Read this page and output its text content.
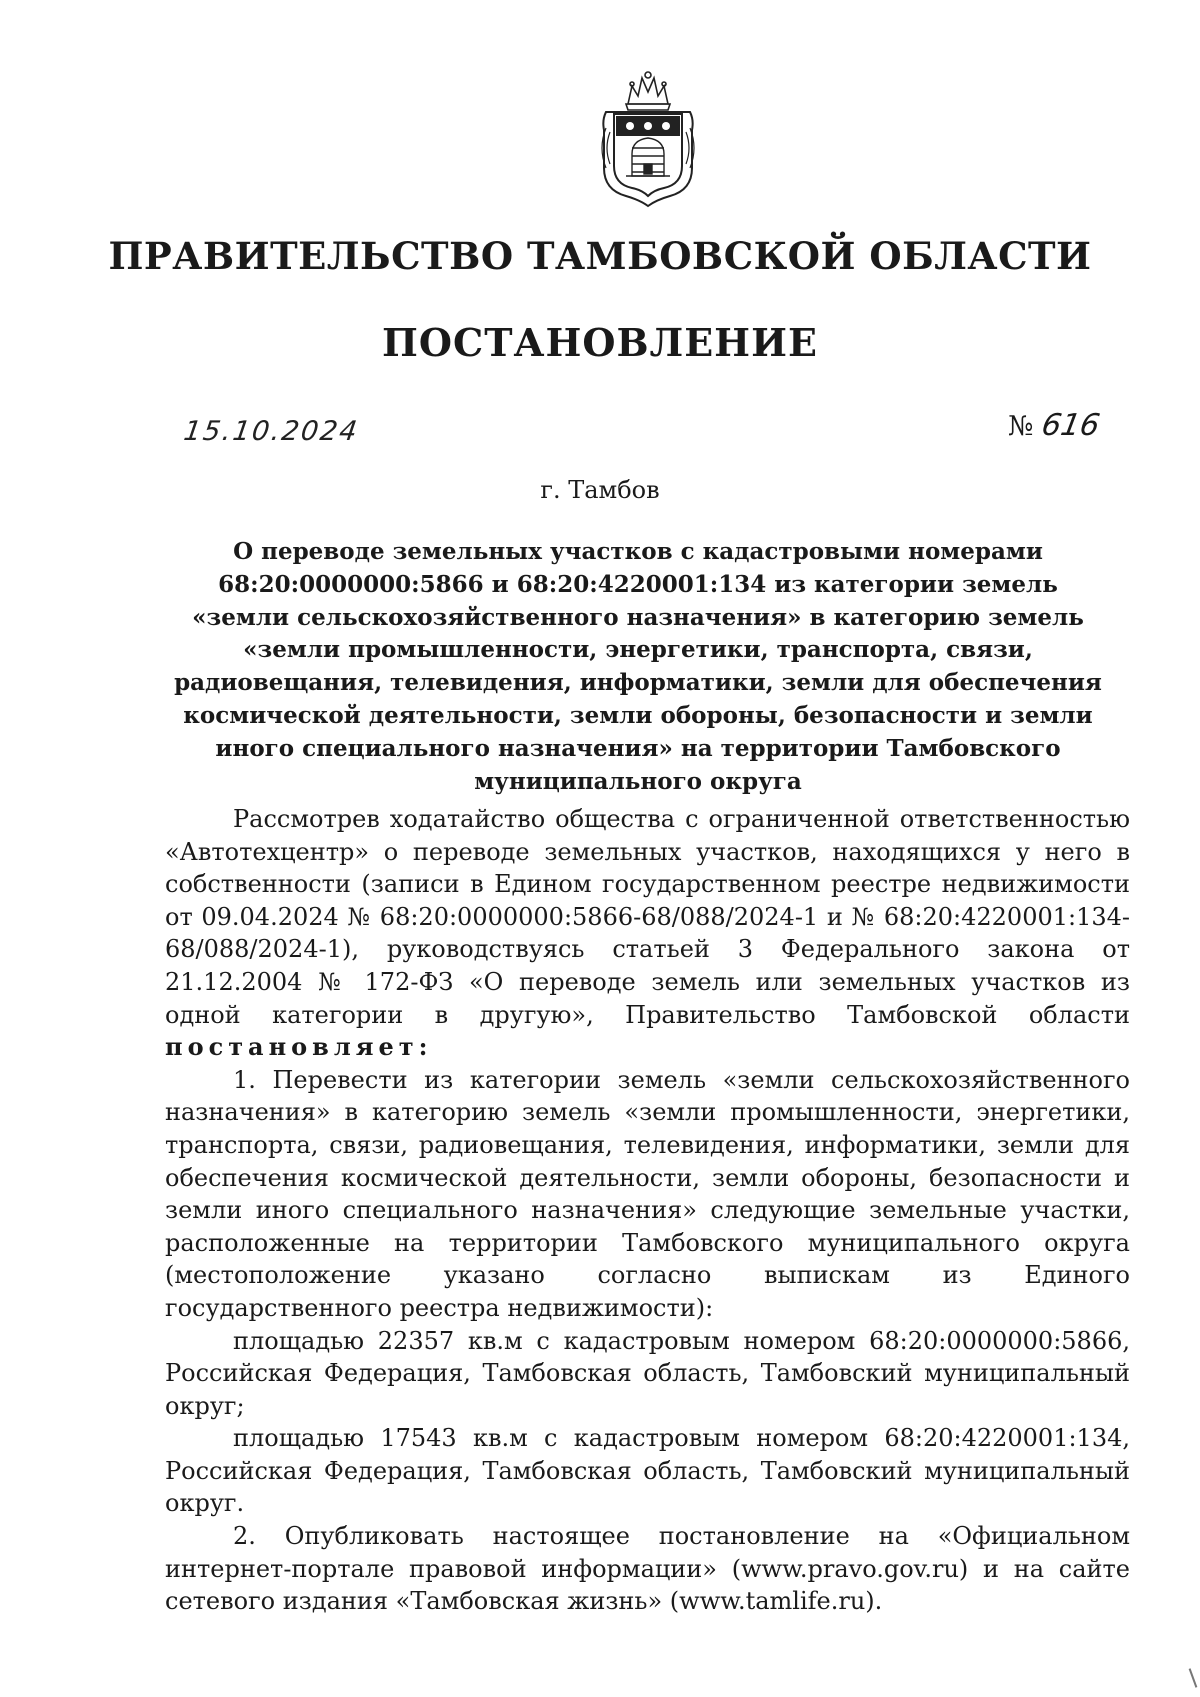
ПРАВИТЕЛЬСТВО ТАМБОВСКОЙ ОБЛАСТИ
ПОСТАНОВЛЕНИЕ
15.10.2024	№ 616
г. Тамбов
О переводе земельных участков с кадастровыми номерами 68:20:0000000:5866 и 68:20:4220001:134 из категории земель «земли сельскохозяйственного назначения» в категорию земель «земли промышленности, энергетики, транспорта, связи, радиовещания, телевидения, информатики, земли для обеспечения космической деятельности, земли обороны, безопасности и земли иного специального назначения» на территории Тамбовского муниципального округа

Рассмотрев ходатайство общества с ограниченной ответственностью «Автотехцентр» о переводе земельных участков, находящихся у него в собственности (записи в Едином государственном реестре недвижимости от 09.04.2024 № 68:20:0000000:5866-68/088/2024-1 и № 68:20:4220001:134-68/088/2024-1), руководствуясь статьей 3 Федерального закона от 21.12.2004 № 172-ФЗ «О переводе земель или земельных участков из одной категории в другую», Правительство Тамбовской области постановляет:

1. Перевести из категории земель «земли сельскохозяйственного назначения» в категорию земель «земли промышленности, энергетики, транспорта, связи, радиовещания, телевидения, информатики, земли для обеспечения космической деятельности, земли обороны, безопасности и земли иного специального назначения» следующие земельные участки, расположенные на территории Тамбовского муниципального округа (местоположение указано согласно выпискам из Единого государственного реестра недвижимости):

площадью 22357 кв.м с кадастровым номером 68:20:0000000:5866, Российская Федерация, Тамбовская область, Тамбовский муниципальный округ;

площадью 17543 кв.м с кадастровым номером 68:20:4220001:134, Российская Федерация, Тамбовская область, Тамбовский муниципальный округ.

2. Опубликовать настоящее постановление на «Официальном интернет-портале правовой информации» (www.pravo.gov.ru) и на сайте сетевого издания «Тамбовская жизнь» (www.tamlife.ru).
